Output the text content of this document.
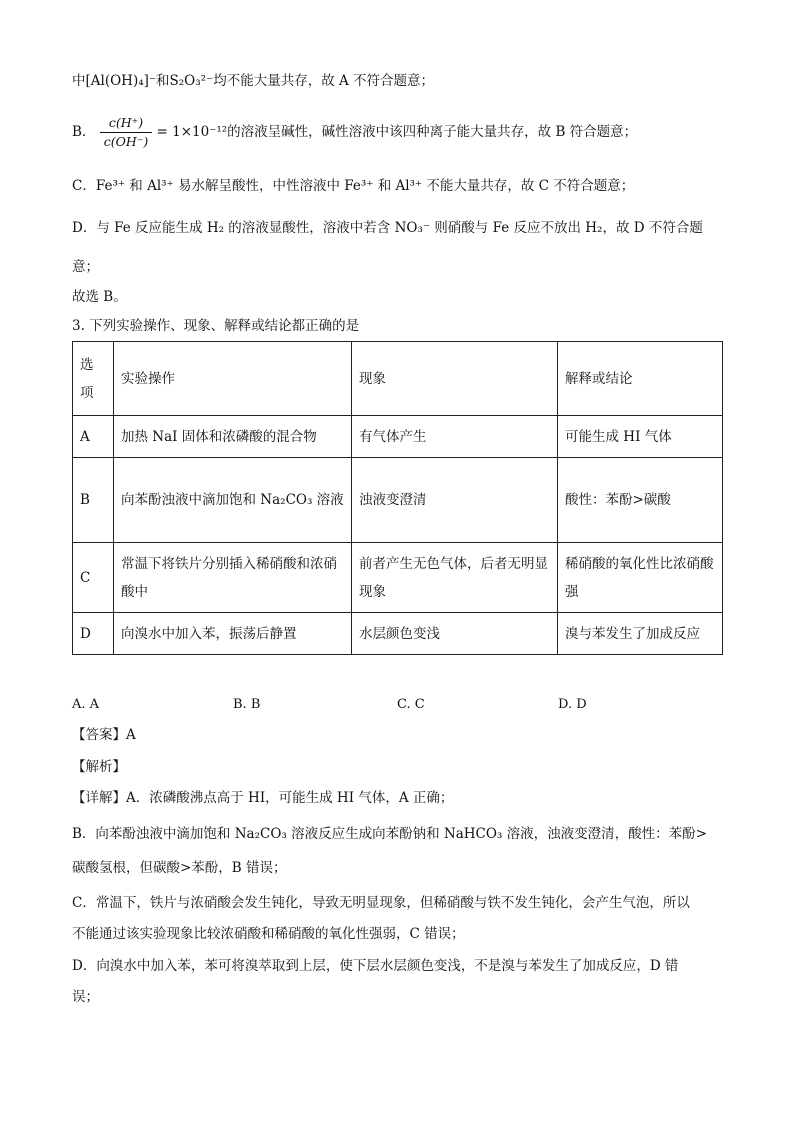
中[Al(OH)₄]⁻和S₂O₃²⁻均不能大量共存，故 A 不符合题意；
B． $\frac{c(H^+)}{c(OH^-)} = 1\times 10^{-12}$的溶液呈碱性，碱性溶液中该四种离子能大量共存，故 B 符合题意；
C．Fe³⁺ 和 Al³⁺ 易水解呈酸性，中性溶液中 Fe³⁺ 和 Al³⁺ 不能大量共存，故 C 不符合题意；
D．与 Fe 反应能生成 H₂ 的溶液显酸性，溶液中若含 NO₃⁻ 则硝酸与 Fe 反应不放出 H₂，故 D 不符合题
意；
故选 B。
3. 下列实验操作、现象、解释或结论都正确的是
选项	实验操作	现象	解释或结论
A	加热 NaI 固体和浓磷酸的混合物	有气体产生	可能生成 HI 气体
B	向苯酚浊液中滴加饱和 Na₂CO₃ 溶液	浊液变澄清	酸性：苯酚>碳酸
C	常温下将铁片分别插入稀硝酸和浓硝酸中	前者产生无色气体，后者无明显现象	稀硝酸的氧化性比浓硝酸强
D	向溴水中加入苯，振荡后静置	水层颜色变浅	溴与苯发生了加成反应
A. A	B. B	C. C	D. D
【答案】A
【解析】
【详解】A．浓磷酸沸点高于 HI，可能生成 HI 气体，A 正确；
B．向苯酚浊液中滴加饱和 Na₂CO₃ 溶液反应生成向苯酚钠和 NaHCO₃ 溶液，浊液变澄清，酸性：苯酚>
碳酸氢根，但碳酸>苯酚，B 错误；
C．常温下，铁片与浓硝酸会发生钝化，导致无明显现象，但稀硝酸与铁不发生钝化，会产生气泡，所以
不能通过该实验现象比较浓硝酸和稀硝酸的氧化性强弱，C 错误；
D．向溴水中加入苯，苯可将溴萃取到上层，使下层水层颜色变浅，不是溴与苯发生了加成反应，D 错
误；
